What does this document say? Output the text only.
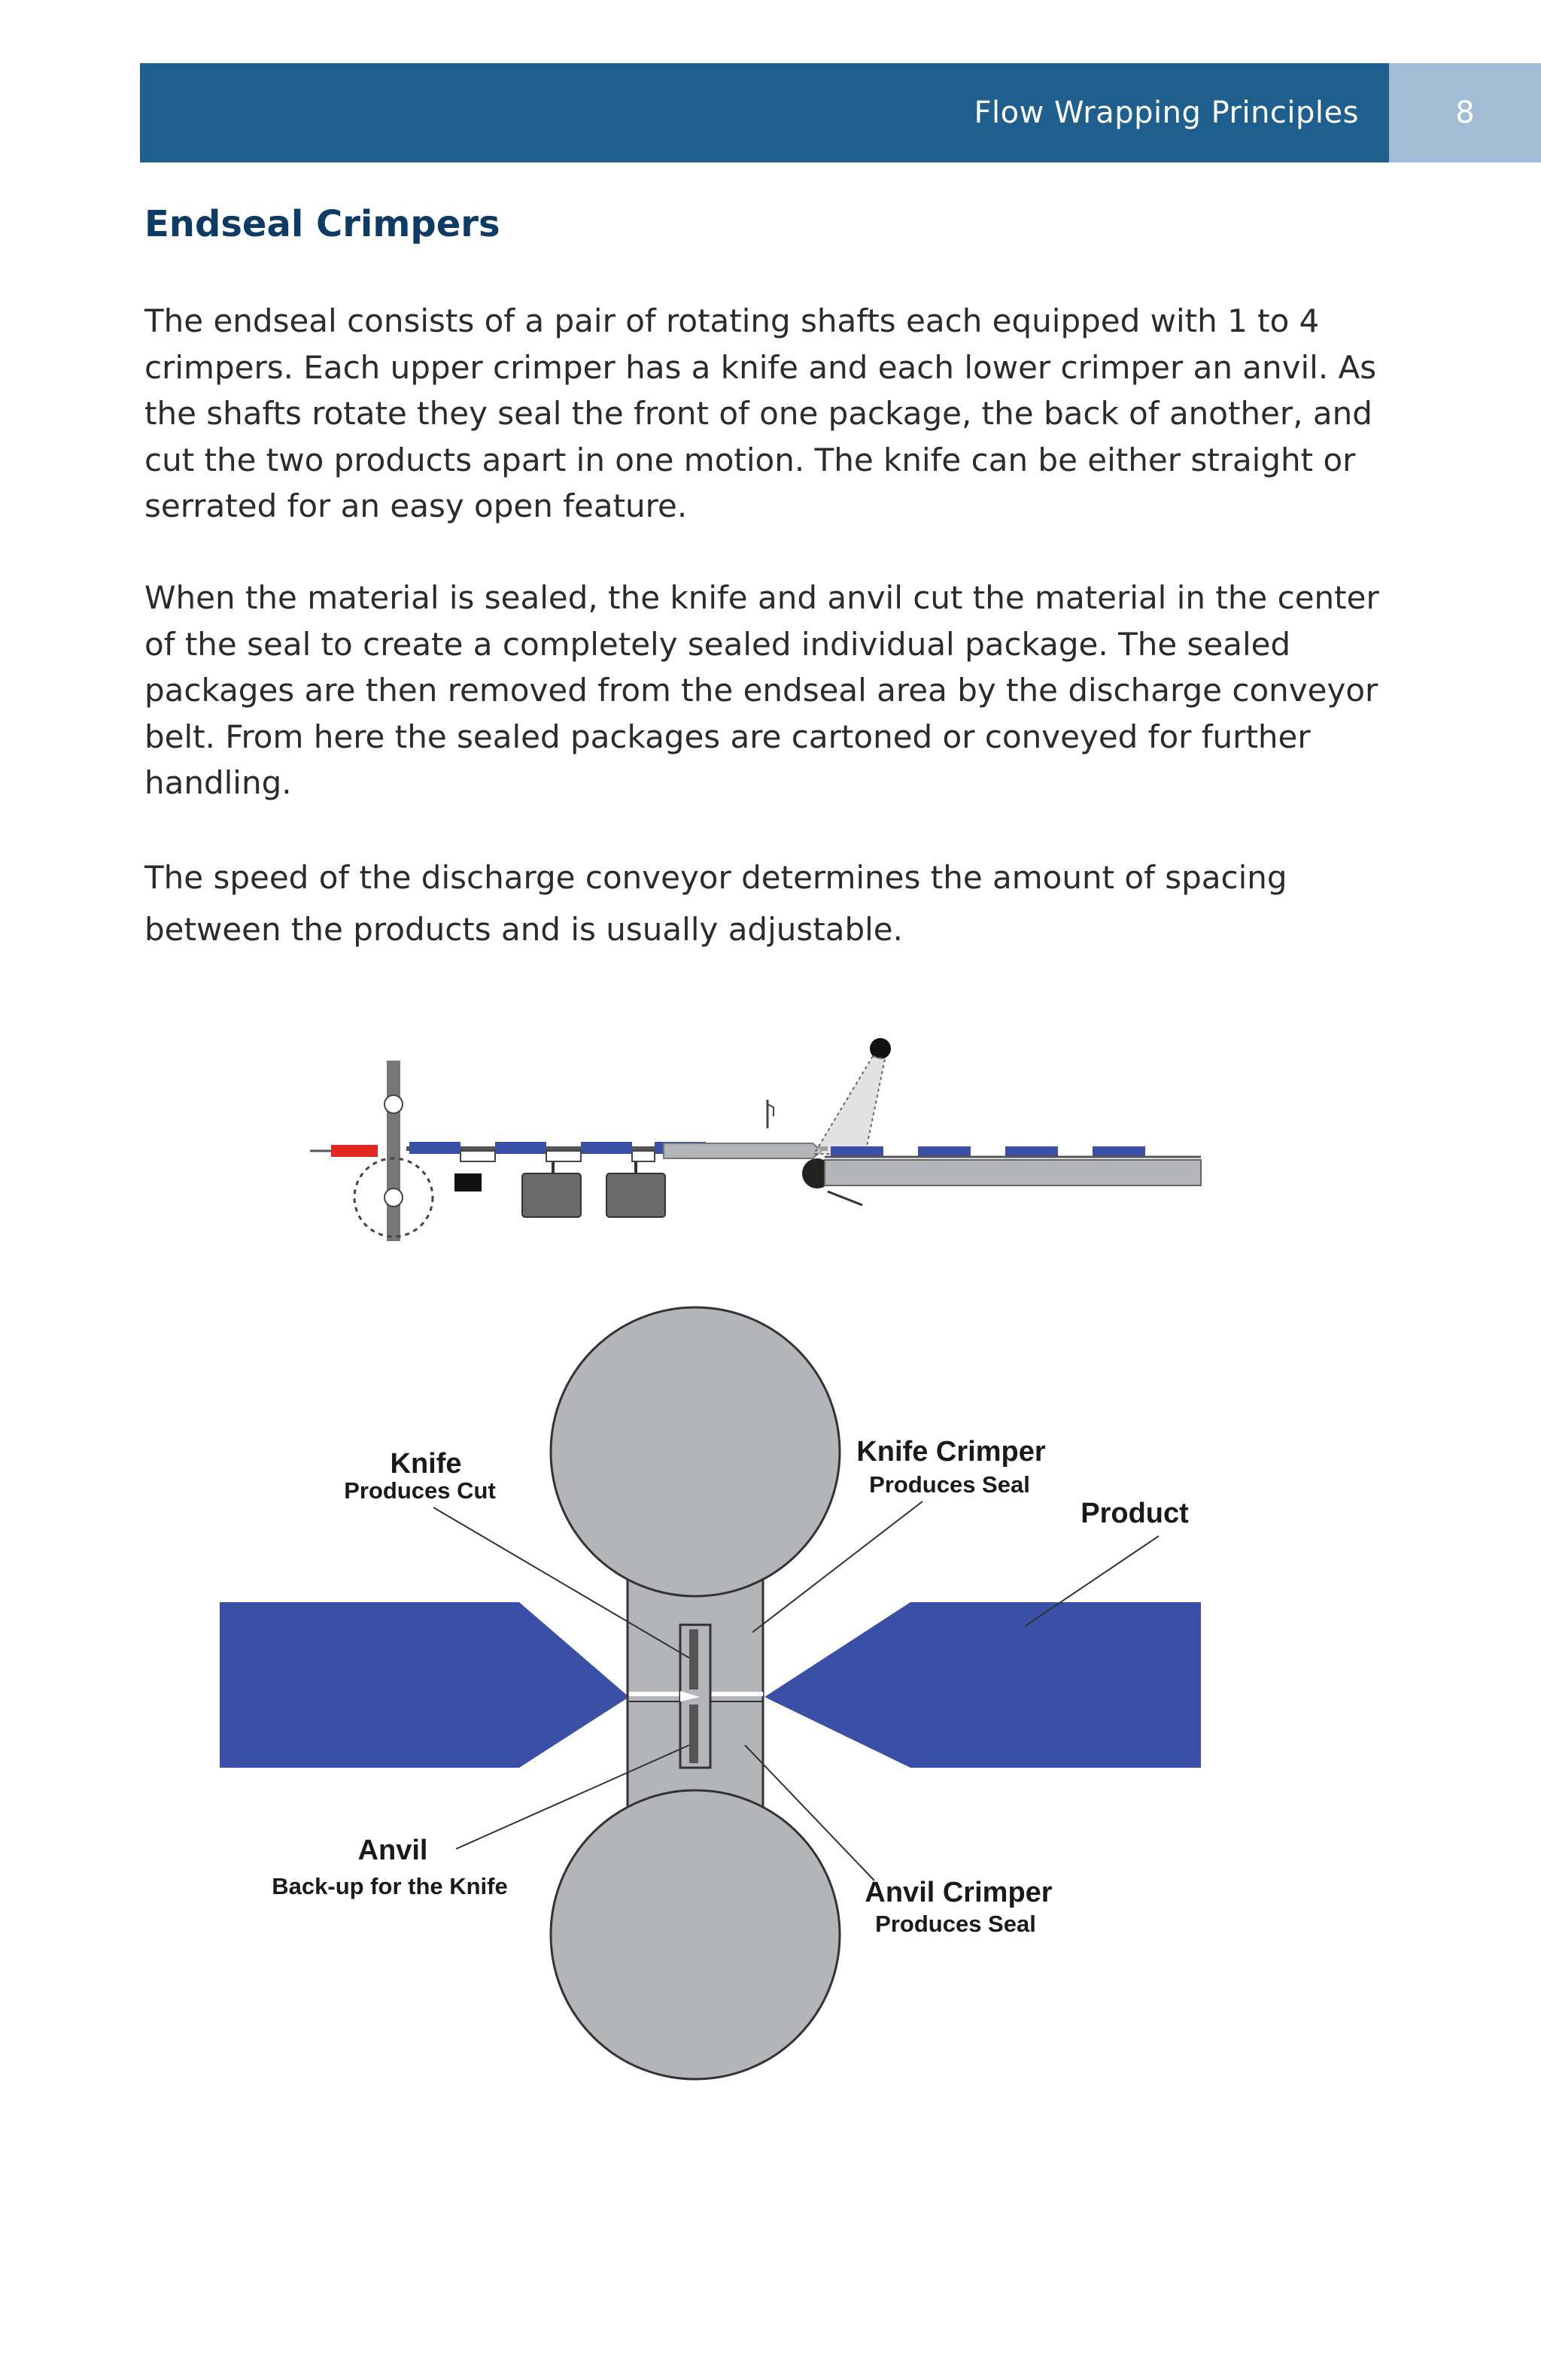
Flow Wrapping Principles	8
Endseal Crimpers

The endseal consists of a pair of rotating shafts each equipped with 1 to 4 crimpers. Each upper crimper has a knife and each lower crimper an anvil. As the shafts rotate they seal the front of one package, the back of another, and cut the two products apart in one motion. The knife can be either straight or serrated for an easy open feature.

When the material is sealed, the knife and anvil cut the material in the center of the seal to create a completely sealed individual package. The sealed packages are then removed from the endseal area by the discharge conveyor belt. From here the sealed packages are cartoned or conveyed for further handling.

The speed of the discharge conveyor determines the amount of spacing between the products and is usually adjustable.

Knife
Produces Cut
Knife Crimper
Produces Seal
Product
Anvil
Back-up for the Knife	Anvil Crimper
Produces Seal
